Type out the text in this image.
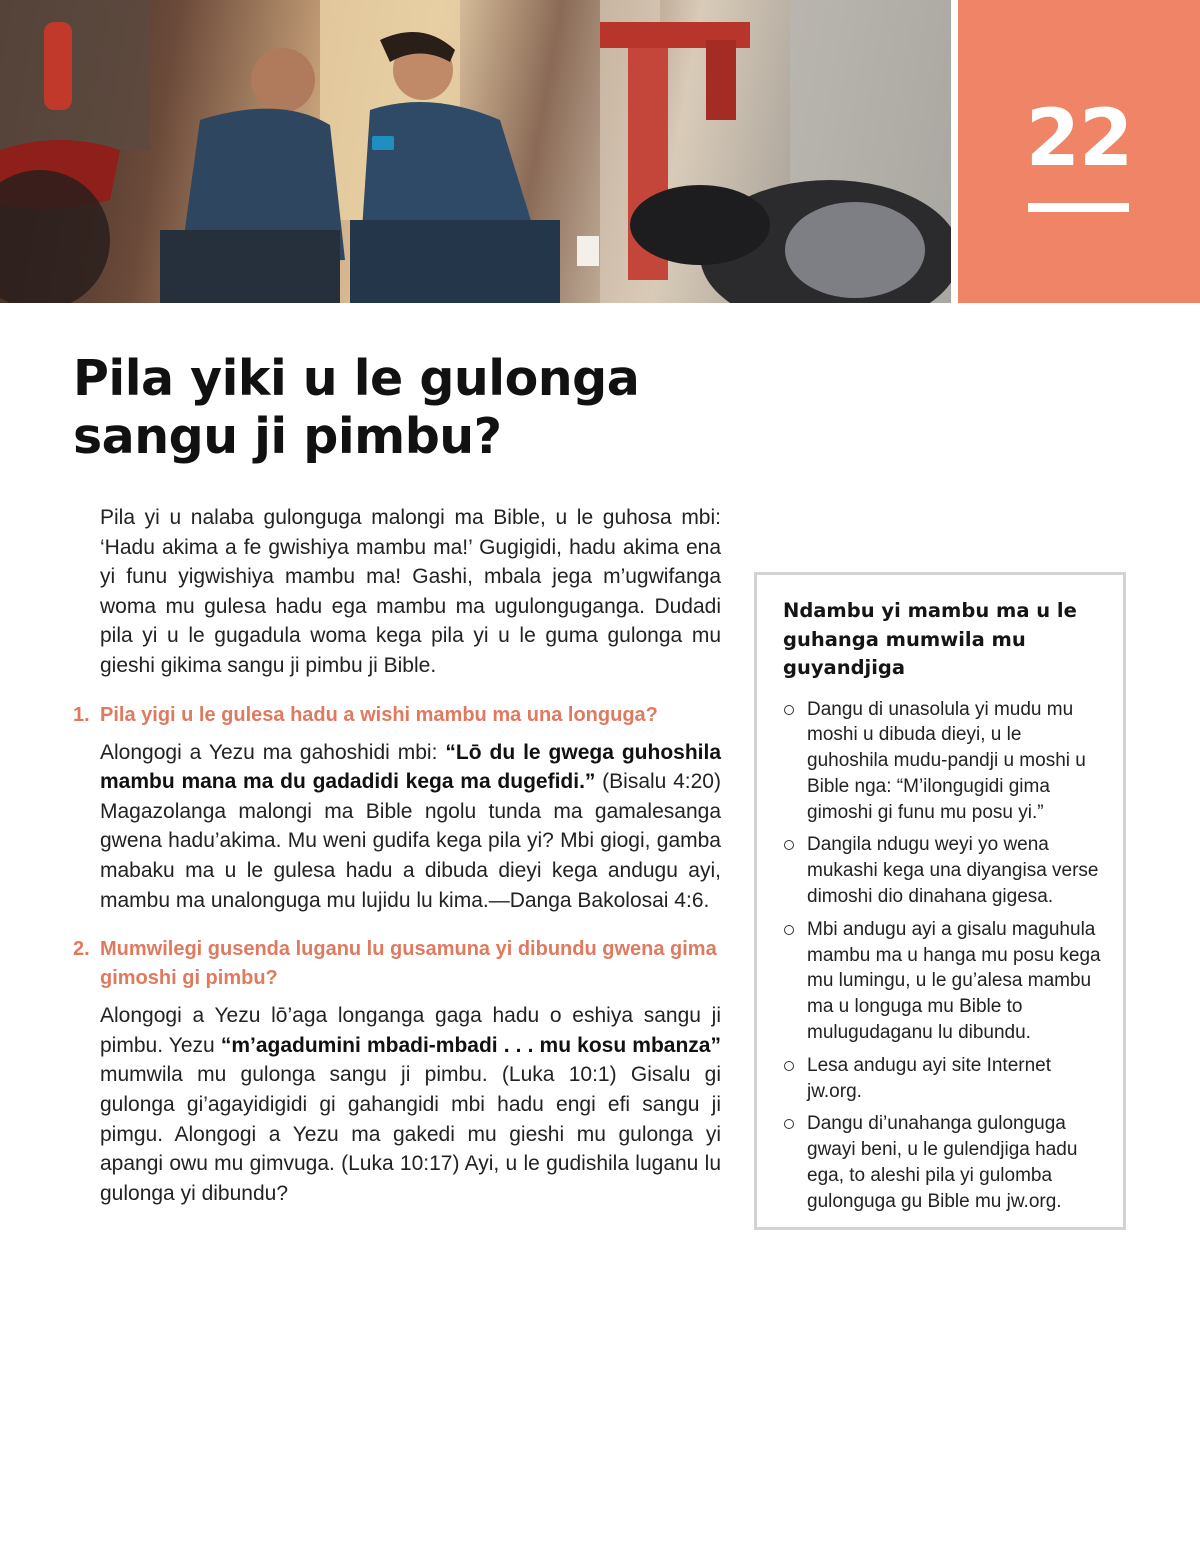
22
Pila yiki u le gulonga
sangu ji pimbu?

Pila yi u nalaba gulonguga malongi ma Bible, u le guhosa mbi: ‘Hadu akima a fe gwishiya mambu ma!’ Gugigidi, hadu akima ena yi funu yigwishiya mambu ma! Gashi, mbala jega m’ugwifanga woma mu gulesa hadu ega mambu ma ugulonguganga. Dudadi pila yi u le gugadula woma kega pila yi u le guma gulonga mu gieshi gikima sangu ji pimbu ji Bible.

1. Pila yigi u le gulesa hadu a wishi mambu ma una longuga?

Alongogi a Yezu ma gahoshidi mbi: “Lō du le gwega guhoshila mambu mana ma du gadadidi kega ma dugefidi.” (Bisalu 4:20) Magazolanga malongi ma Bible ngolu tunda ma gamalesanga gwena hadu’akima. Mu weni gudifa kega pila yi? Mbi giogi, gamba mabaku ma u le gulesa hadu a dibuda dieyi kega andugu ayi, mambu ma unalonguga mu lujidu lu kima.—Danga Bakolosai 4:6.

2. Mumwilegi gusenda luganu lu gusamuna yi dibundu gwena gima gimoshi gi pimbu?

Alongogi a Yezu lō’aga longanga gaga hadu o eshiya sangu ji pimbu. Yezu “m’agadumini mbadi-mbadi . . . mu kosu mbanza” mumwila mu gulonga sangu ji pimbu. (Luka 10:1) Gisalu gi gulonga gi’agayidigidi gi gahangidi mbi hadu engi efi sangu ji pimgu. Alongogi a Yezu ma gakedi mu gieshi mu gulonga yi apangi owu mu gimvuga. (Luka 10:17) Ayi, u le gudishila luganu lu gulonga yi dibundu?

Ndambu yi mambu ma u le guhanga mumwila mu guyandjiga
Dangu di unasolula yi mudu mu moshi u dibuda dieyi, u le guhoshila mudu-pandji u moshi u Bible nga: “M’ilongugidi gima gimoshi gi funu mu posu yi.”
Dangila ndugu weyi yo wena mukashi kega una diyangisa verse dimoshi dio dinahana gigesa.
Mbi andugu ayi a gisalu maguhula mambu ma u hanga mu posu kega mu lumingu, u le gu’alesa mambu ma u longuga mu Bible to mulugudaganu lu dibundu.
Lesa andugu ayi site Internet jw.org.
Dangu di’unahanga gulonguga gwayi beni, u le gulendjiga hadu ega, to aleshi pila yi gulomba gulonguga gu Bible mu jw.org.
